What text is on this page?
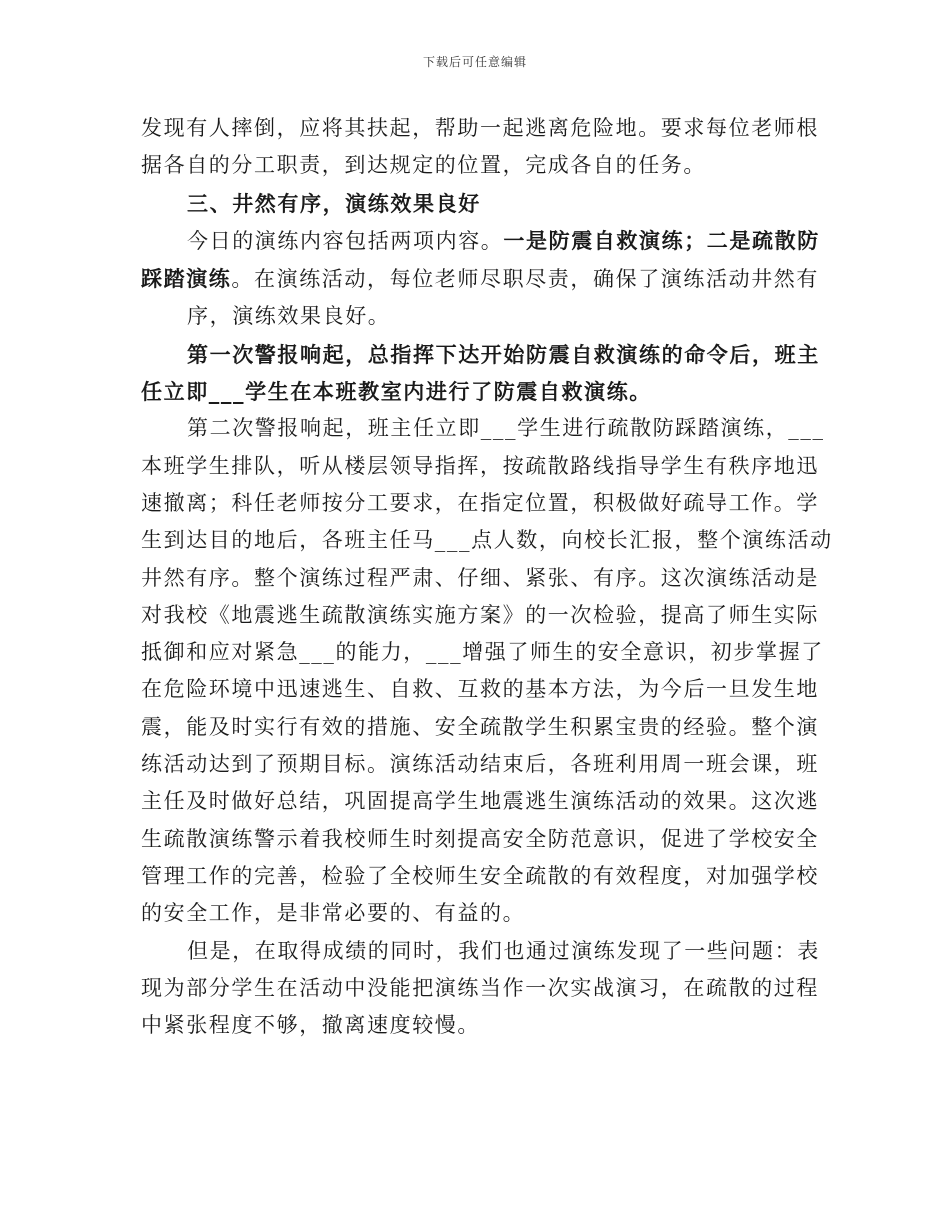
下载后可任意编辑
发现有人摔倒，应将其扶起，帮助一起逃离危险地。要求每位老师根
据各自的分工职责，到达规定的位置，完成各自的任务。
三、井然有序，演练效果良好
今日的演练内容包括两项内容。一是防震自救演练；二是疏散防
踩踏演练。在演练活动，每位老师尽职尽责，确保了演练活动井然有
序，演练效果良好。
第一次警报响起，总指挥下达开始防震自救演练的命令后，班主
任立即___学生在本班教室内进行了防震自救演练。
第二次警报响起，班主任立即___学生进行疏散防踩踏演练，___
本班学生排队，听从楼层领导指挥，按疏散路线指导学生有秩序地迅
速撤离；科任老师按分工要求，在指定位置，积极做好疏导工作。学
生到达目的地后，各班主任马___点人数，向校长汇报，整个演练活动
井然有序。整个演练过程严肃、仔细、紧张、有序。这次演练活动是
对我校《地震逃生疏散演练实施方案》的一次检验，提高了师生实际
抵御和应对紧急___的能力，___增强了师生的安全意识，初步掌握了
在危险环境中迅速逃生、自救、互救的基本方法，为今后一旦发生地
震，能及时实行有效的措施、安全疏散学生积累宝贵的经验。整个演
练活动达到了预期目标。演练活动结束后，各班利用周一班会课，班
主任及时做好总结，巩固提高学生地震逃生演练活动的效果。这次逃
生疏散演练警示着我校师生时刻提高安全防范意识，促进了学校安全
管理工作的完善，检验了全校师生安全疏散的有效程度，对加强学校
的安全工作，是非常必要的、有益的。
但是，在取得成绩的同时，我们也通过演练发现了一些问题：表
现为部分学生在活动中没能把演练当作一次实战演习，在疏散的过程
中紧张程度不够，撤离速度较慢。
